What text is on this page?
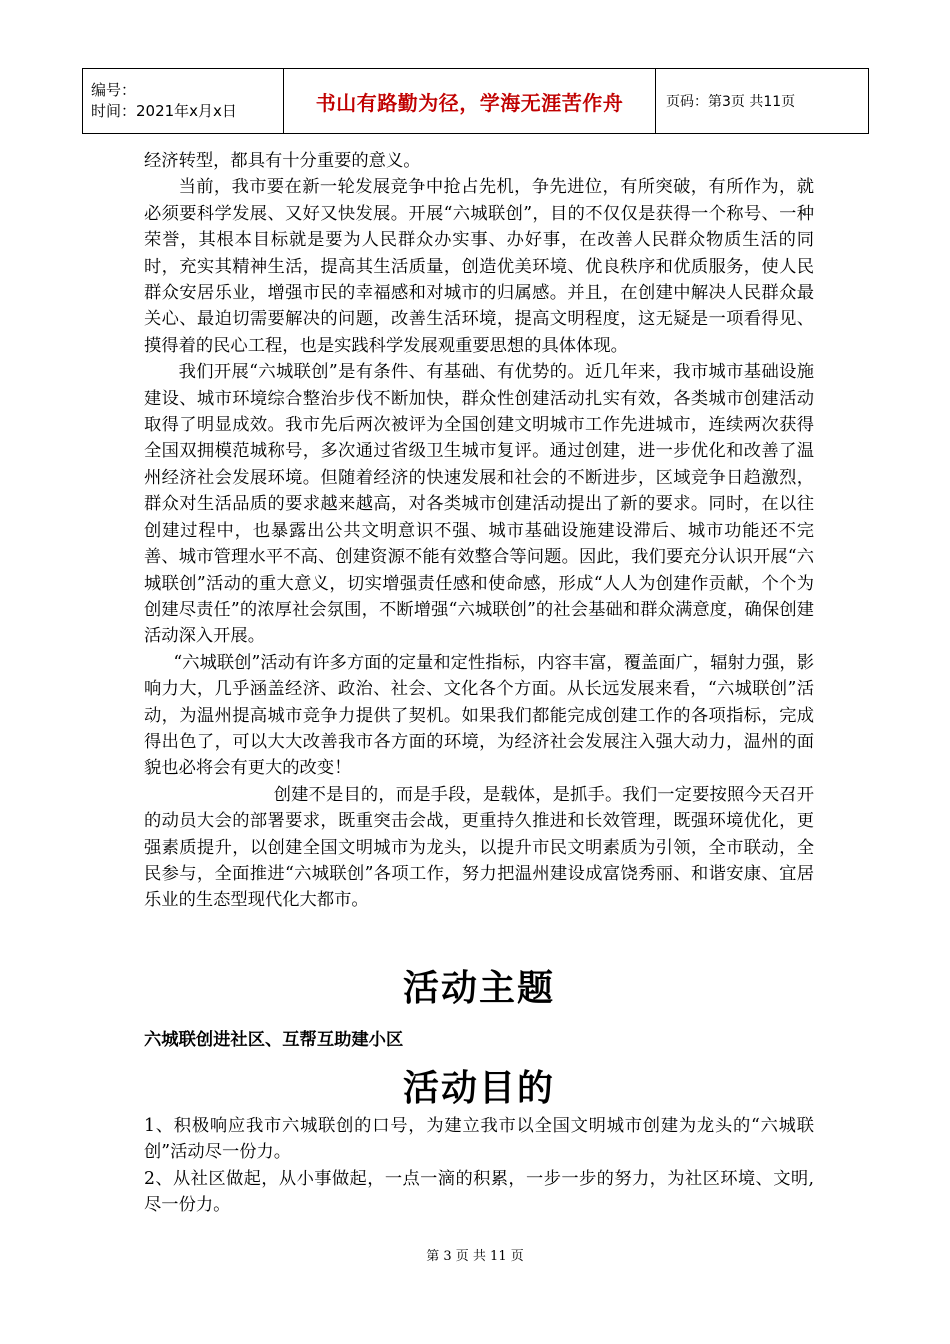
编号：
时间：2021年x月x日	书山有路勤为径，学海无涯苦作舟	页码：第3页 共11页

经济转型，都具有十分重要的意义。

当前，我市要在新一轮发展竞争中抢占先机，争先进位，有所突破，有所作为，就必须要科学发展、又好又快发展。开展“六城联创”，目的不仅仅是获得一个称号、一种荣誉，其根本目标就是要为人民群众办实事、办好事，在改善人民群众物质生活的同时，充实其精神生活，提高其生活质量，创造优美环境、优良秩序和优质服务，使人民群众安居乐业，增强市民的幸福感和对城市的归属感。并且，在创建中解决人民群众最关心、最迫切需要解决的问题，改善生活环境，提高文明程度，这无疑是一项看得见、摸得着的民心工程，也是实践科学发展观重要思想的具体体现。

我们开展“六城联创”是有条件、有基础、有优势的。近几年来，我市城市基础设施建设、城市环境综合整治步伐不断加快，群众性创建活动扎实有效，各类城市创建活动取得了明显成效。我市先后两次被评为全国创建文明城市工作先进城市，连续两次获得全国双拥模范城称号，多次通过省级卫生城市复评。通过创建，进一步优化和改善了温州经济社会发展环境。但随着经济的快速发展和社会的不断进步，区域竞争日趋激烈，群众对生活品质的要求越来越高，对各类城市创建活动提出了新的要求。同时，在以往创建过程中，也暴露出公共文明意识不强、城市基础设施建设滞后、城市功能还不完善、城市管理水平不高、创建资源不能有效整合等问题。因此，我们要充分认识开展“六城联创”活动的重大意义，切实增强责任感和使命感，形成“人人为创建作贡献，个个为创建尽责任”的浓厚社会氛围，不断增强“六城联创”的社会基础和群众满意度，确保创建活动深入开展。

“六城联创”活动有许多方面的定量和定性指标，内容丰富，覆盖面广，辐射力强，影响力大，几乎涵盖经济、政治、社会、文化各个方面。从长远发展来看，“六城联创”活动，为温州提高城市竞争力提供了契机。如果我们都能完成创建工作的各项指标，完成得出色了，可以大大改善我市各方面的环境，为经济社会发展注入强大动力，温州的面貌也必将会有更大的改变！

创建不是目的，而是手段，是载体，是抓手。我们一定要按照今天召开的动员大会的部署要求，既重突击会战，更重持久推进和长效管理，既强环境优化，更强素质提升，以创建全国文明城市为龙头，以提升市民文明素质为引领，全市联动，全民参与，全面推进“六城联创”各项工作，努力把温州建设成富饶秀丽、和谐安康、宜居乐业的生态型现代化大都市。

活动主题

六城联创进社区、互帮互助建小区

活动目的

1、积极响应我市六城联创的口号，为建立我市以全国文明城市创建为龙头的“六城联创”活动尽一份力。

2、从社区做起，从小事做起，一点一滴的积累，一步一步的努力，为社区环境、文明,尽一份力。

第 3 页 共 11 页
